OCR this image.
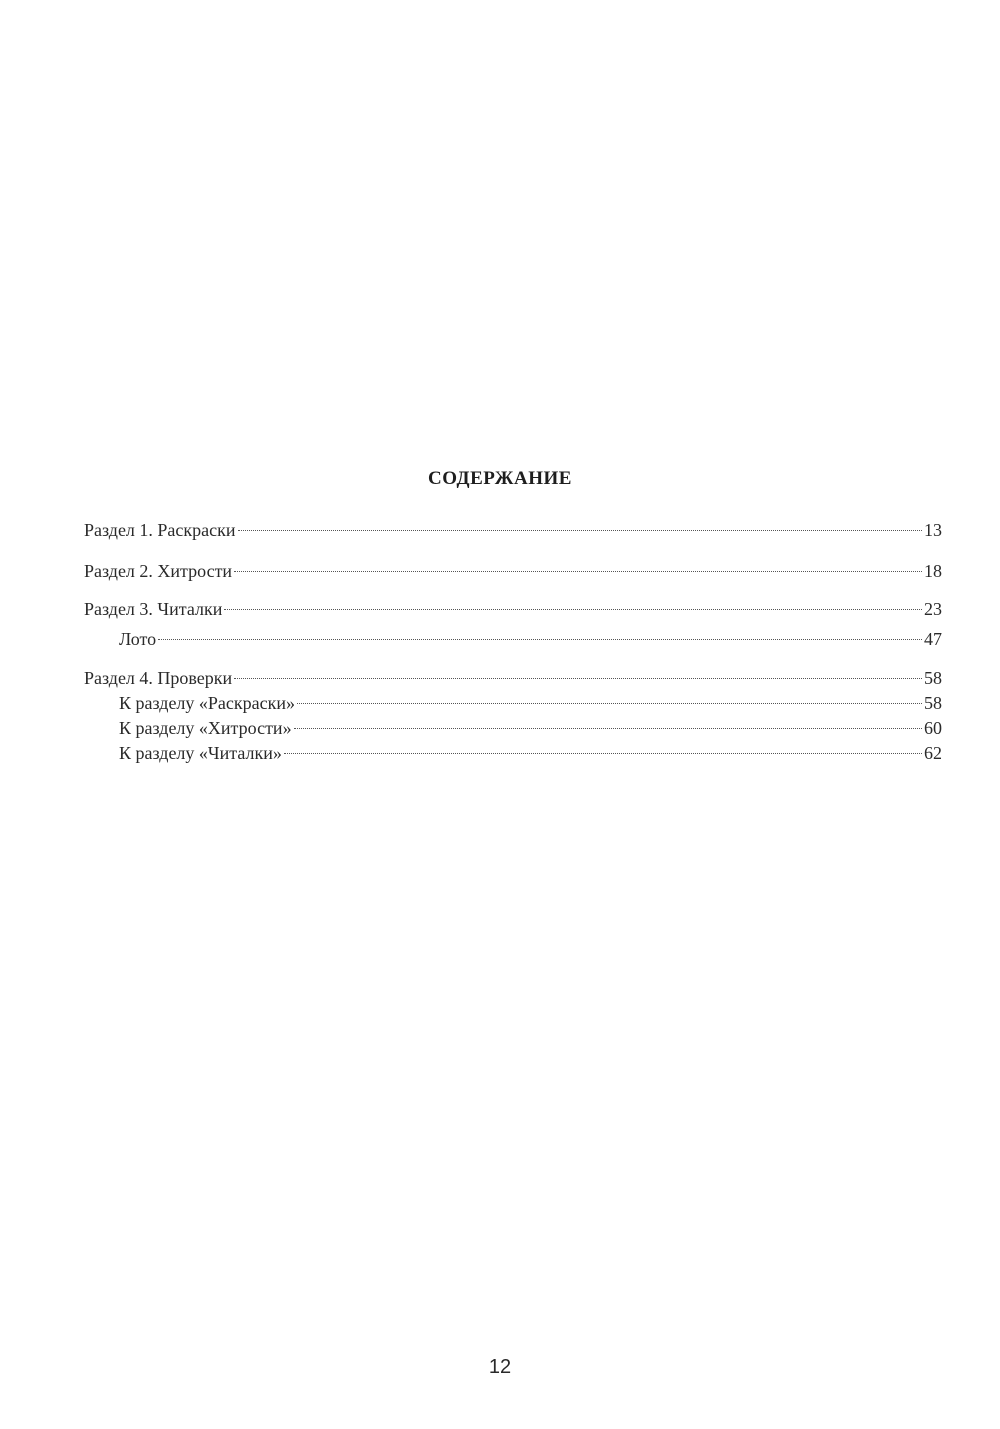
СОДЕРЖАНИЕ
Раздел 1. Раскраски	13
Раздел 2. Хитрости	18
Раздел 3. Читалки	23
Лото	47
Раздел 4. Проверки	58
К разделу «Раскраски»	58
К разделу «Хитрости»	60
К разделу «Читалки»	62
12
